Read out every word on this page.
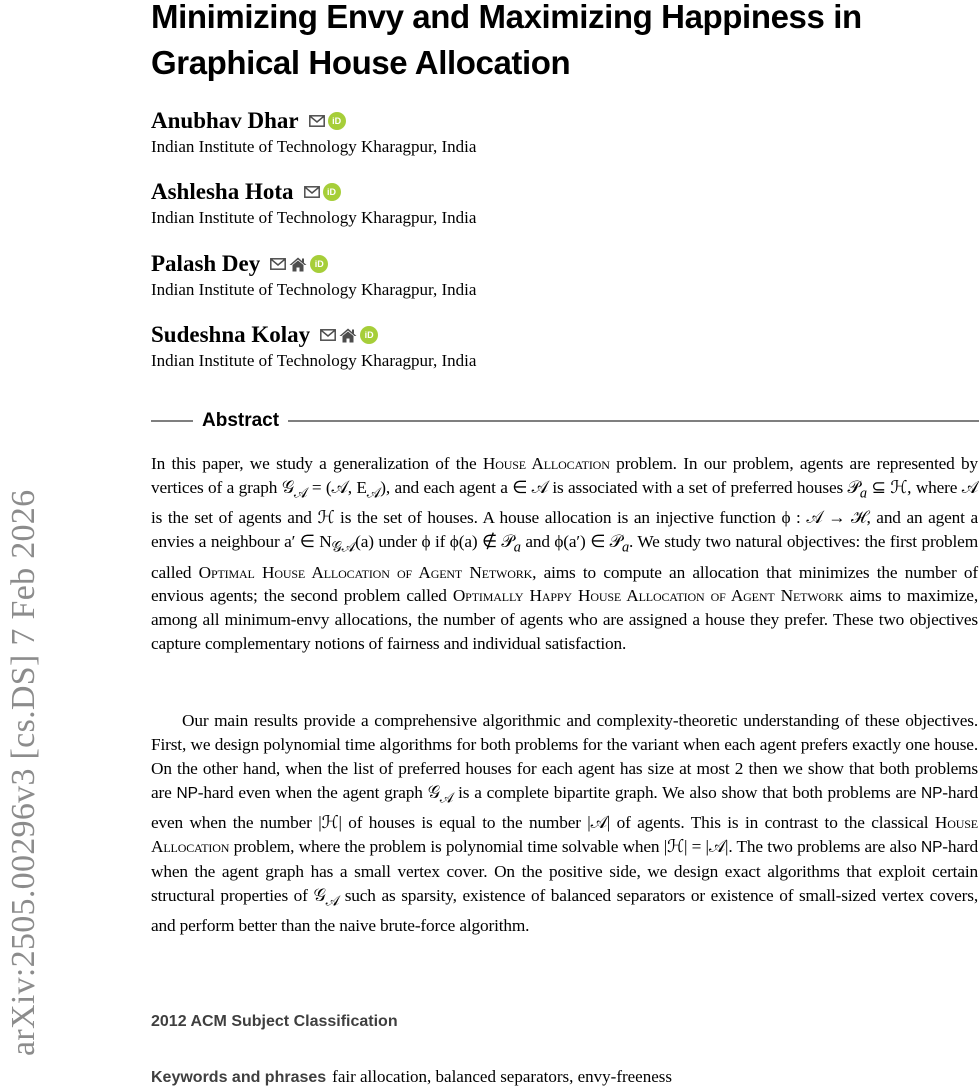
arXiv:2505.00296v3 [cs.DS] 7 Feb 2026
Minimizing Envy and Maximizing Happiness in Graphical House Allocation
Anubhav Dhar	iD
Indian Institute of Technology Kharagpur, India
Ashlesha Hota	iD
Indian Institute of Technology Kharagpur, India
Palash Dey	iD
Indian Institute of Technology Kharagpur, India
Sudeshna Kolay	iD
Indian Institute of Technology Kharagpur, India
Abstract

In this paper, we study a generalization of the House Allocation problem. In our problem, agents are represented by vertices of a graph 𝒢$_𝒜$ = (𝒜, $E_𝒜$), and each agent a ∈ 𝒜 is associated with a set of preferred houses 𝒫$_a$ ⊆ ℋ, where 𝒜 is the set of agents and ℋ is the set of houses. A house allocation is an injective function ϕ : 𝒜 → ℋ, and an agent a envies a neighbour a′ ∈ $N_{𝒢𝒜}(a)$ under ϕ if ϕ(a) ∉ 𝒫$_a$ and ϕ(a′) ∈ 𝒫$_a$. We study two natural objectives: the first problem called Optimal House Allocation of Agent Network, aims to compute an allocation that minimizes the number of envious agents; the second problem called Optimally Happy House Allocation of Agent Network aims to maximize, among all minimum-envy allocations, the number of agents who are assigned a house they prefer. These two objectives capture complementary notions of fairness and individual satisfaction.

Our main results provide a comprehensive algorithmic and complexity-theoretic understanding of these objectives. First, we design polynomial time algorithms for both problems for the variant when each agent prefers exactly one house. On the other hand, when the list of preferred houses for each agent has size at most 2 then we show that both problems are NP-hard even when the agent graph 𝒢$_𝒜$ is a complete bipartite graph. We also show that both problems are NP-hard even when the number |ℋ| of houses is equal to the number |𝒜| of agents. This is in contrast to the classical House Allocation problem, where the problem is polynomial time solvable when |ℋ| = |𝒜|. The two problems are also NP-hard when the agent graph has a small vertex cover. On the positive side, we design exact algorithms that exploit certain structural properties of 𝒢$_𝒜$ such as sparsity, existence of balanced separators or existence of small-sized vertex covers, and perform better than the naive brute-force algorithm.

2012 ACM Subject Classification
Keywords and phrases fair allocation, balanced separators, envy-freeness
